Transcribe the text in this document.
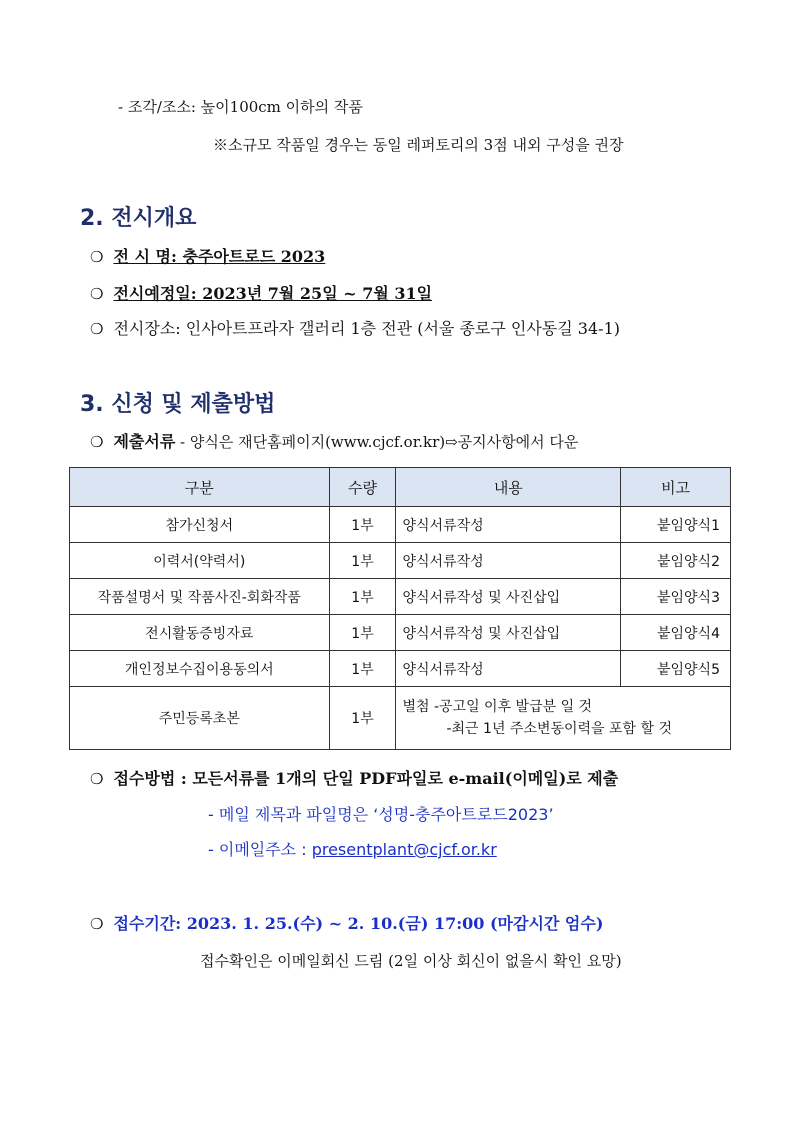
- 조각/조소: 높이100cm 이하의 작품
※소규모 작품일 경우는 동일 레퍼토리의 3점 내외 구성을 권장
2. 전시개요
❍ 전 시 명: 충주아트로드 2023
❍ 전시예정일: 2023년 7월 25일 ~ 7월 31일
❍ 전시장소: 인사아트프라자 갤러리 1층 전관 (서울 종로구 인사동길 34-1)
3. 신청 및 제출방법
❍ 제출서류 - 양식은 재단홈페이지(www.cjcf.or.kr)⇨공지사항에서 다운
구분	수량	내용	비고
참가신청서	1부	양식서류작성	붙임양식1
이력서(약력서)	1부	양식서류작성	붙임양식2
작품설명서 및 작품사진-회화작품	1부	양식서류작성 및 사진삽입	붙임양식3
전시활동증빙자료	1부	양식서류작성 및 사진삽입	붙임양식4
개인정보수집이용동의서	1부	양식서류작성	붙임양식5
주민등록초본	1부	별첨 -공고일 이후 발급분 일 것
-최근 1년 주소변동이력을 포함 할 것	
❍ 접수방법 : 모든서류를 1개의 단일 PDF파일로 e-mail(이메일)로 제출
- 메일 제목과 파일명은 ‘성명-충주아트로드2023’
- 이메일주소 : presentplant@cjcf.or.kr
❍ 접수기간: 2023. 1. 25.(수) ~ 2. 10.(금) 17:00 (마감시간 엄수)
접수확인은 이메일회신 드림 (2일 이상 회신이 없을시 확인 요망)
